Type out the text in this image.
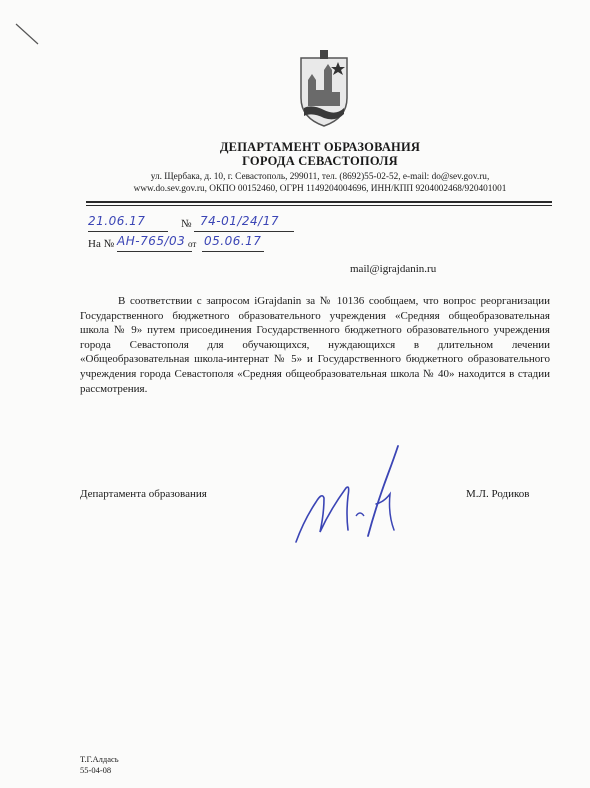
ДЕПАРТАМЕНТ ОБРАЗОВАНИЯ
ГОРОДА СЕВАСТОПОЛЯ
ул. Щербака, д. 10, г. Севастополь, 299011, тел. (8692)55-02-52, e-mail: do@sev.gov.ru,
www.do.sev.gov.ru, ОКПО 00152460, ОГРН 1149204004696, ИНН/КПП 9204002468/920401001
21.06.17	№ 74-01/24/17
На № АН-765/03 от 05.06.17
mail@igrajdanin.ru
В соответствии с запросом iGrajdanin за № 10136 сообщаем, что вопрос реорганизации Государственного бюджетного образовательного учреждения «Средняя общеобразовательная школа № 9» путем присоединения Государственного бюджетного образовательного учреждения города Севастополя для обучающихся, нуждающихся в длительном лечении «Общеобразовательная школа-интернат № 5» и Государственного бюджетного образовательного учреждения города Севастополя «Средняя общеобразовательная школа № 40» находится в стадии рассмотрения.
Департамента образования	М.Л. Родиков
Т.Г.Алдась
55-04-08
